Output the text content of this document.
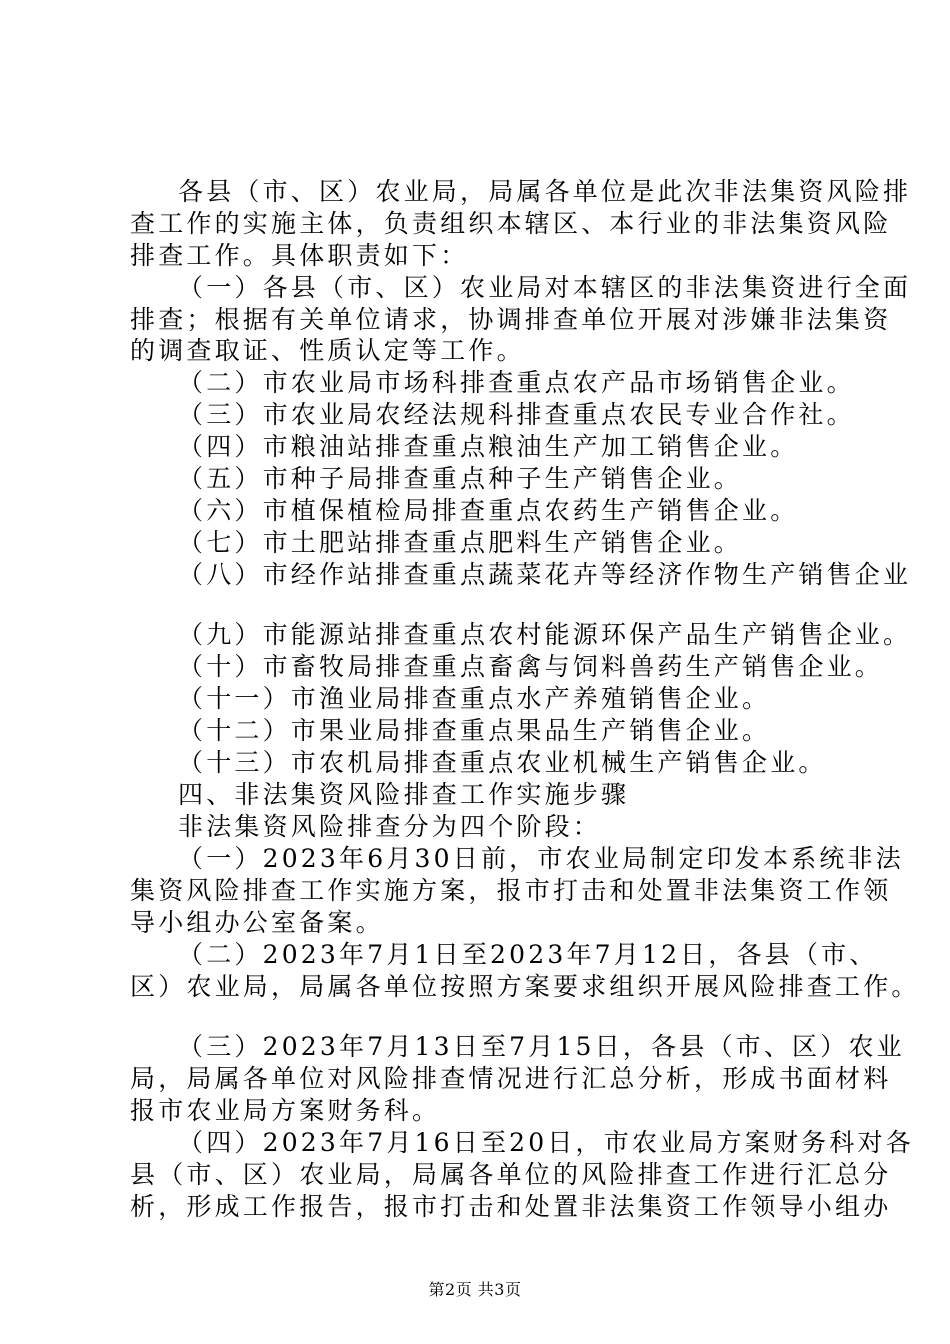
各县（市、区）农业局，局属各单位是此次非法集资风险排
查工作的实施主体，负责组织本辖区、本行业的非法集资风险
排查工作。具体职责如下：
（一）各县（市、区）农业局对本辖区的非法集资进行全面
排查；根据有关单位请求，协调排查单位开展对涉嫌非法集资
的调查取证、性质认定等工作。
（二）市农业局市场科排查重点农产品市场销售企业。
（三）市农业局农经法规科排查重点农民专业合作社。
（四）市粮油站排查重点粮油生产加工销售企业。
（五）市种子局排查重点种子生产销售企业。
（六）市植保植检局排查重点农药生产销售企业。
（七）市土肥站排查重点肥料生产销售企业。
（八）市经作站排查重点蔬菜花卉等经济作物生产销售企业
（九）市能源站排查重点农村能源环保产品生产销售企业。
（十）市畜牧局排查重点畜禽与饲料兽药生产销售企业。
（十一）市渔业局排查重点水产养殖销售企业。
（十二）市果业局排查重点果品生产销售企业。
（十三）市农机局排查重点农业机械生产销售企业。
四、非法集资风险排查工作实施步骤
非法集资风险排查分为四个阶段：
（一）2023年6月30日前，市农业局制定印发本系统非法
集资风险排查工作实施方案，报市打击和处置非法集资工作领
导小组办公室备案。
（二）2023年7月1日至2023年7月12日，各县（市、
区）农业局，局属各单位按照方案要求组织开展风险排查工作。
（三）2023年7月13日至7月15日，各县（市、区）农业
局，局属各单位对风险排查情况进行汇总分析，形成书面材料
报市农业局方案财务科。
（四）2023年7月16日至20日，市农业局方案财务科对各
县（市、区）农业局，局属各单位的风险排查工作进行汇总分
析，形成工作报告，报市打击和处置非法集资工作领导小组办
第2页 共3页
